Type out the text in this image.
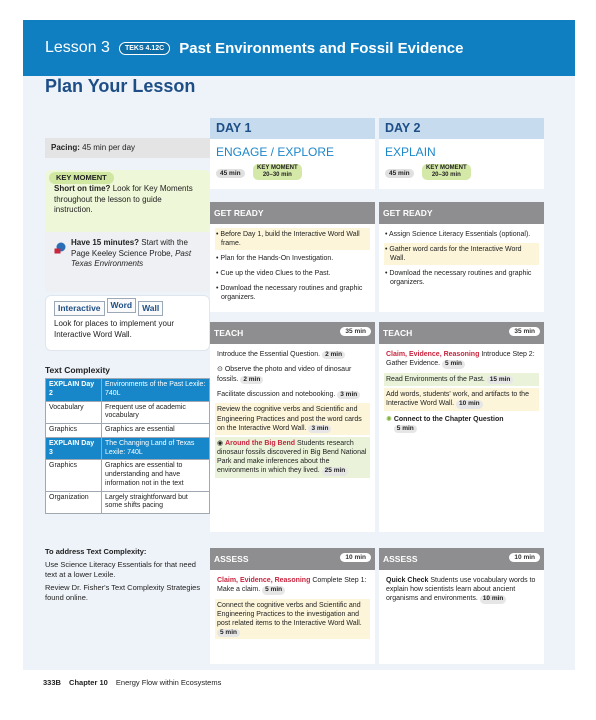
Lesson 3	TEKS 4.12C	Past Environments and Fossil Evidence
Plan Your Lesson
Pacing: 45 min per day
KEY MOMENT
Short on time? Look for Key Moments throughout the lesson to guide instruction.
Have 15 minutes? Start with the Page Keeley Science Probe, Past Texas Environments
Interactive	Word	Wall
Look for places to implement your Interactive Word Wall.
Text Complexity
EXPLAIN Day 2	Environments of the Past Lexile: 740L
Vocabulary	Frequent use of academic vocabulary
Graphics	Graphics are essential
EXPLAIN Day 3	The Changing Land of Texas Lexile: 740L
Graphics	Graphics are essential to understanding and have information not in the text
Organization	Largely straightforward but some shifts pacing

To address Text Complexity:

Use Science Literacy Essentials for that need text at a lower Lexile.

Review Dr. Fisher's Text Complexity Strategies found online.

DAY 1
ENGAGE / EXPLORE
45 min KEY MOMENT
20–30 min
GET READY
• Before Day 1, build the Interactive Word Wall frame.
• Plan for the Hands-On Investigation.
• Cue up the video Clues to the Past.
• Download the necessary routines and graphic organizers.
TEACH	35 min
Introduce the Essential Question. 2 min
⊙ Observe the photo and video of dinosaur fossils. 2 min
Facilitate discussion and notebooking. 3 min
Review the cognitive verbs and Scientific and Engineering Practices and post the word cards on the Interactive Word Wall. 3 min
◉ Around the Big Bend Students research dinosaur fossils discovered in Big Bend National Park and make inferences about the environments in which they lived. 25 min
ASSESS	10 min
Claim, Evidence, Reasoning Complete Step 1: Make a claim. 5 min
Connect the cognitive verbs and Scientific and Engineering Practices to the investigation and post related items to the Interactive Word Wall. 5 min
DAY 2
EXPLAIN
45 min KEY MOMENT
20–30 min
GET READY
• Assign Science Literacy Essentials (optional).
• Gather word cards for the Interactive Word Wall.
• Download the necessary routines and graphic organizers.
TEACH	35 min
Claim, Evidence, Reasoning Introduce Step 2: Gather Evidence. 5 min
Read Environments of the Past. 15 min
Add words, students' work, and artifacts to the Interactive Word Wall. 10 min
✺ Connect to the Chapter Question
5 min
ASSESS	10 min
Quick Check Students use vocabulary words to explain how scientists learn about ancient organisms and environments. 10 min
333B Chapter 10 Energy Flow within Ecosystems
